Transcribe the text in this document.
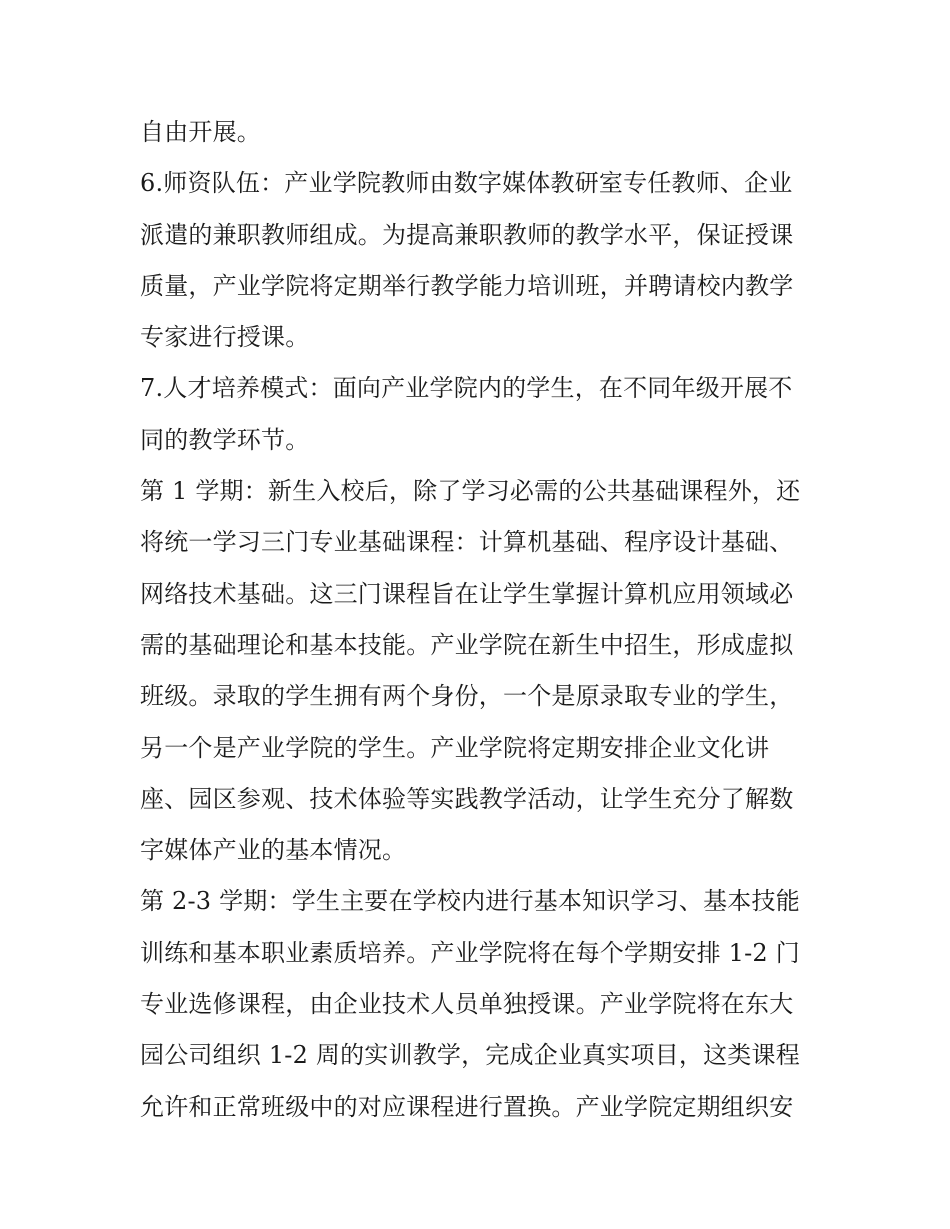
自由开展。
6.师资队伍：产业学院教师由数字媒体教研室专任教师、企业
派遣的兼职教师组成。为提高兼职教师的教学水平，保证授课
质量，产业学院将定期举行教学能力培训班，并聘请校内教学
专家进行授课。
7.人才培养模式：面向产业学院内的学生，在不同年级开展不
同的教学环节。
第 1 学期：新生入校后，除了学习必需的公共基础课程外，还
将统一学习三门专业基础课程：计算机基础、程序设计基础、
网络技术基础。这三门课程旨在让学生掌握计算机应用领域必
需的基础理论和基本技能。产业学院在新生中招生，形成虚拟
班级。录取的学生拥有两个身份，一个是原录取专业的学生，
另一个是产业学院的学生。产业学院将定期安排企业文化讲
座、园区参观、技术体验等实践教学活动，让学生充分了解数
字媒体产业的基本情况。
第 2-3 学期：学生主要在学校内进行基本知识学习、基本技能
训练和基本职业素质培养。产业学院将在每个学期安排 1-2 门
专业选修课程，由企业技术人员单独授课。产业学院将在东大
园公司组织 1-2 周的实训教学，完成企业真实项目，这类课程
允许和正常班级中的对应课程进行置换。产业学院定期组织安
